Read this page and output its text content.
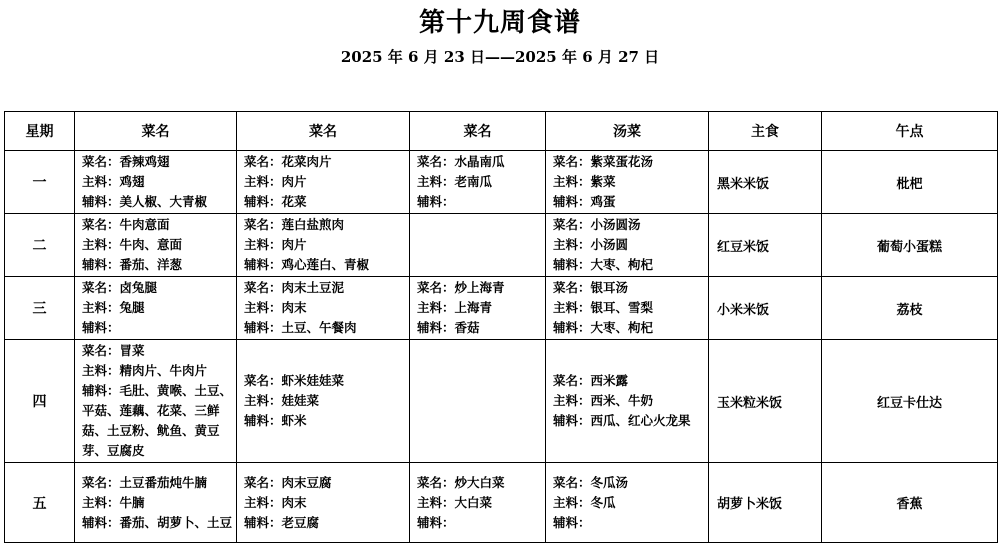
第十九周食谱
2025 年 6 月 23 日——2025 年 6 月 27 日
星期	菜名	菜名	菜名	汤菜	主食	午点
一	菜名：香辣鸡翅
主料：鸡翅
辅料：美人椒、大青椒	菜名：花菜肉片
主料：肉片
辅料：花菜	菜名：水晶南瓜
主料：老南瓜
辅料：	菜名：紫菜蛋花汤
主料：紫菜
辅料：鸡蛋	黑米米饭	枇杷
二	菜名：牛肉意面
主料：牛肉、意面
辅料：番茄、洋葱	菜名：莲白盐煎肉
主料：肉片
辅料：鸡心莲白、青椒		菜名：小汤圆汤
主料：小汤圆
辅料：大枣、枸杞	红豆米饭	葡萄小蛋糕
三	菜名：卤兔腿
主料：兔腿
辅料：	菜名：肉末土豆泥
主料：肉末
辅料：土豆、午餐肉	菜名：炒上海青
主料：上海青
辅料：香菇	菜名：银耳汤
主料：银耳、雪梨
辅料：大枣、枸杞	小米米饭	荔枝
四	菜名：冒菜
主料：精肉片、牛肉片
辅料：毛肚、黄喉、土豆、平菇、莲藕、花菜、三鲜菇、土豆粉、鱿鱼、黄豆芽、豆腐皮	菜名：虾米娃娃菜
主料：娃娃菜
辅料：虾米		菜名：西米露
主料：西米、牛奶
辅料：西瓜、红心火龙果	玉米粒米饭	红豆卡仕达
五	菜名：土豆番茄炖牛腩
主料：牛腩
辅料：番茄、胡萝卜、土豆	菜名：肉末豆腐
主料：肉末
辅料：老豆腐	菜名：炒大白菜
主料：大白菜
辅料：	菜名：冬瓜汤
主料：冬瓜
辅料：	胡萝卜米饭	香蕉
